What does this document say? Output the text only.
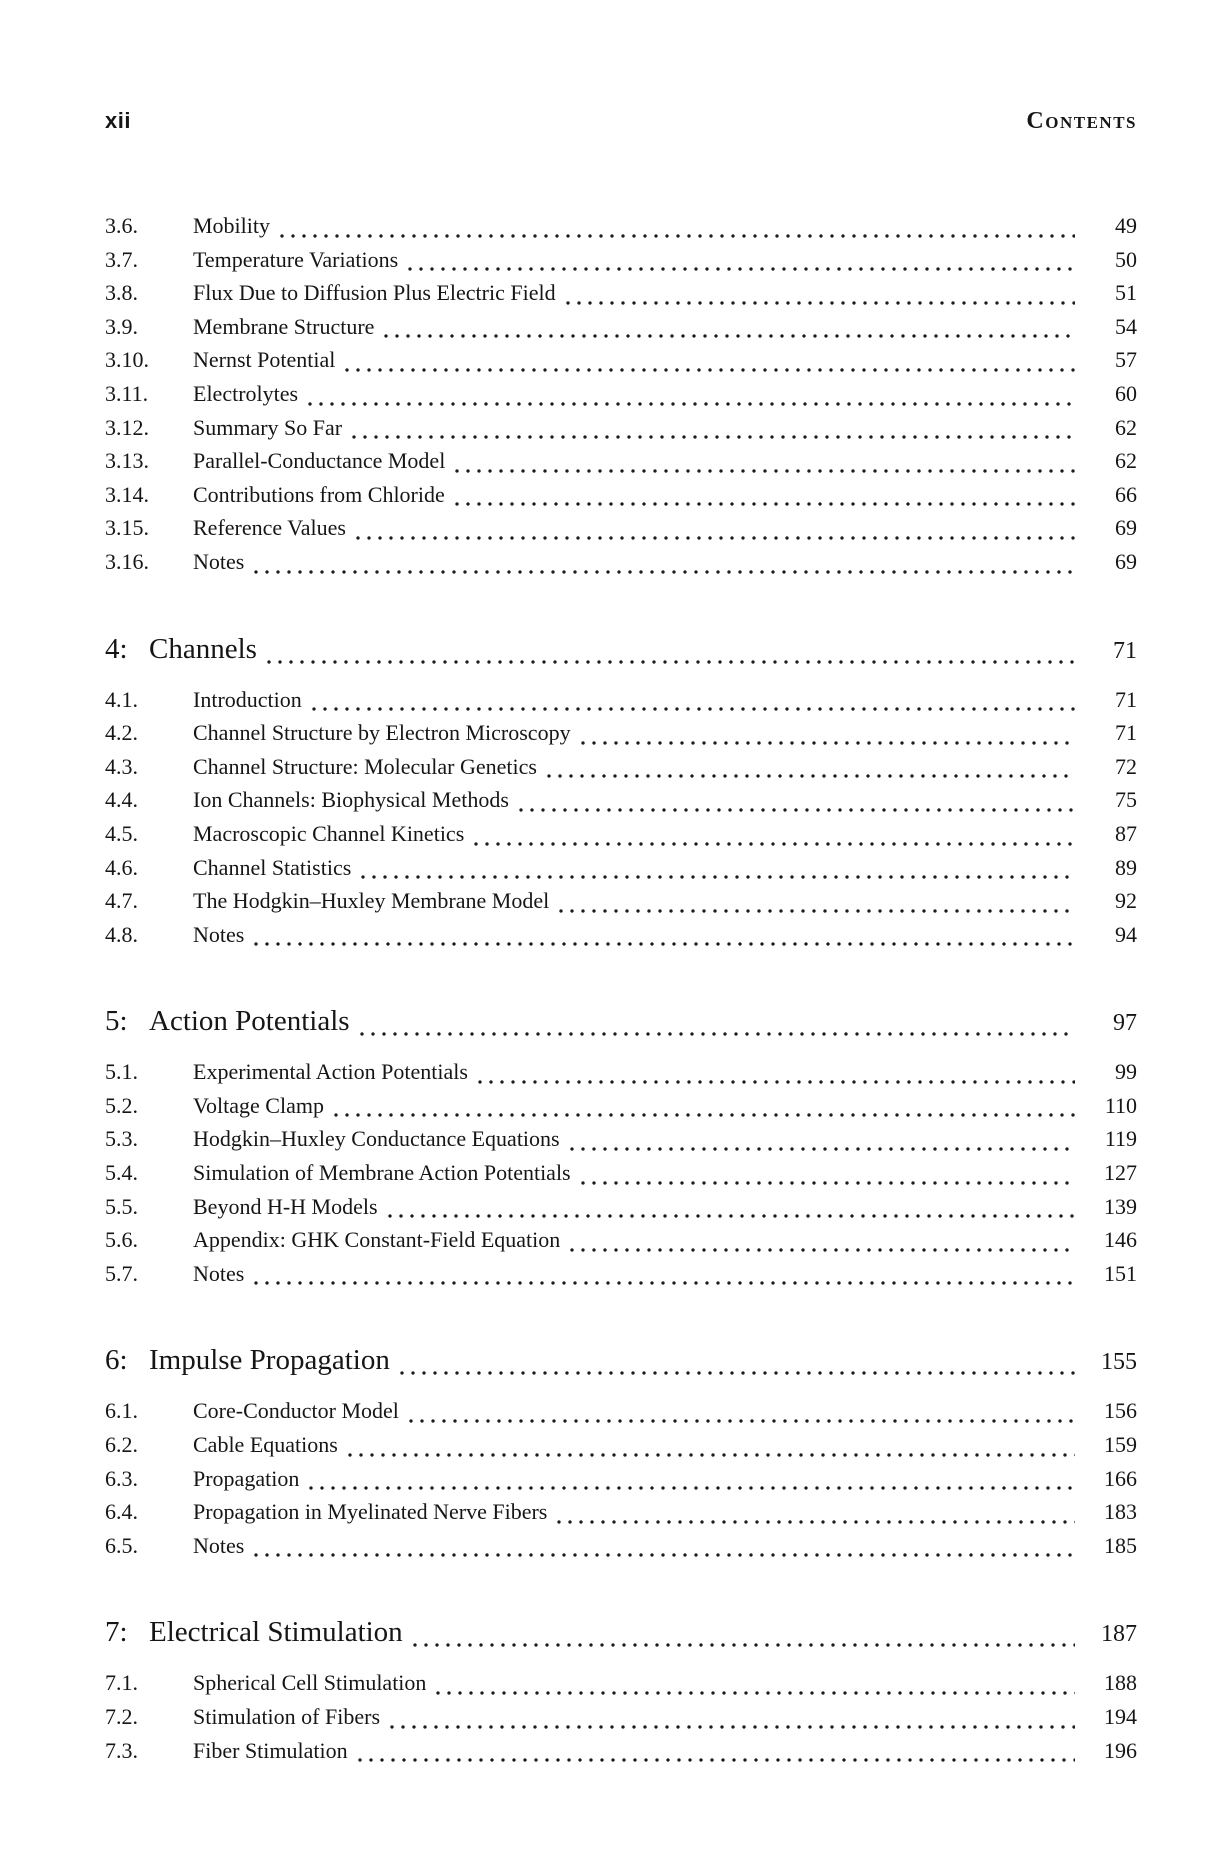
xii	Contents
3.6.	Mobility	49
3.7.	Temperature Variations	50
3.8.	Flux Due to Diffusion Plus Electric Field	51
3.9.	Membrane Structure	54
3.10.	Nernst Potential	57
3.11.	Electrolytes	60
3.12.	Summary So Far	62
3.13.	Parallel-Conductance Model	62
3.14.	Contributions from Chloride	66
3.15.	Reference Values	69
3.16.	Notes	69
4: Channels	71
4.1.	Introduction	71
4.2.	Channel Structure by Electron Microscopy	71
4.3.	Channel Structure: Molecular Genetics	72
4.4.	Ion Channels: Biophysical Methods	75
4.5.	Macroscopic Channel Kinetics	87
4.6.	Channel Statistics	89
4.7.	The Hodgkin–Huxley Membrane Model	92
4.8.	Notes	94
5: Action Potentials	97
5.1.	Experimental Action Potentials	99
5.2.	Voltage Clamp	110
5.3.	Hodgkin–Huxley Conductance Equations	119
5.4.	Simulation of Membrane Action Potentials	127
5.5.	Beyond H-H Models	139
5.6.	Appendix: GHK Constant-Field Equation	146
5.7.	Notes	151
6: Impulse Propagation	155
6.1.	Core-Conductor Model	156
6.2.	Cable Equations	159
6.3.	Propagation	166
6.4.	Propagation in Myelinated Nerve Fibers	183
6.5.	Notes	185
7: Electrical Stimulation	187
7.1.	Spherical Cell Stimulation	188
7.2.	Stimulation of Fibers	194
7.3.	Fiber Stimulation	196
